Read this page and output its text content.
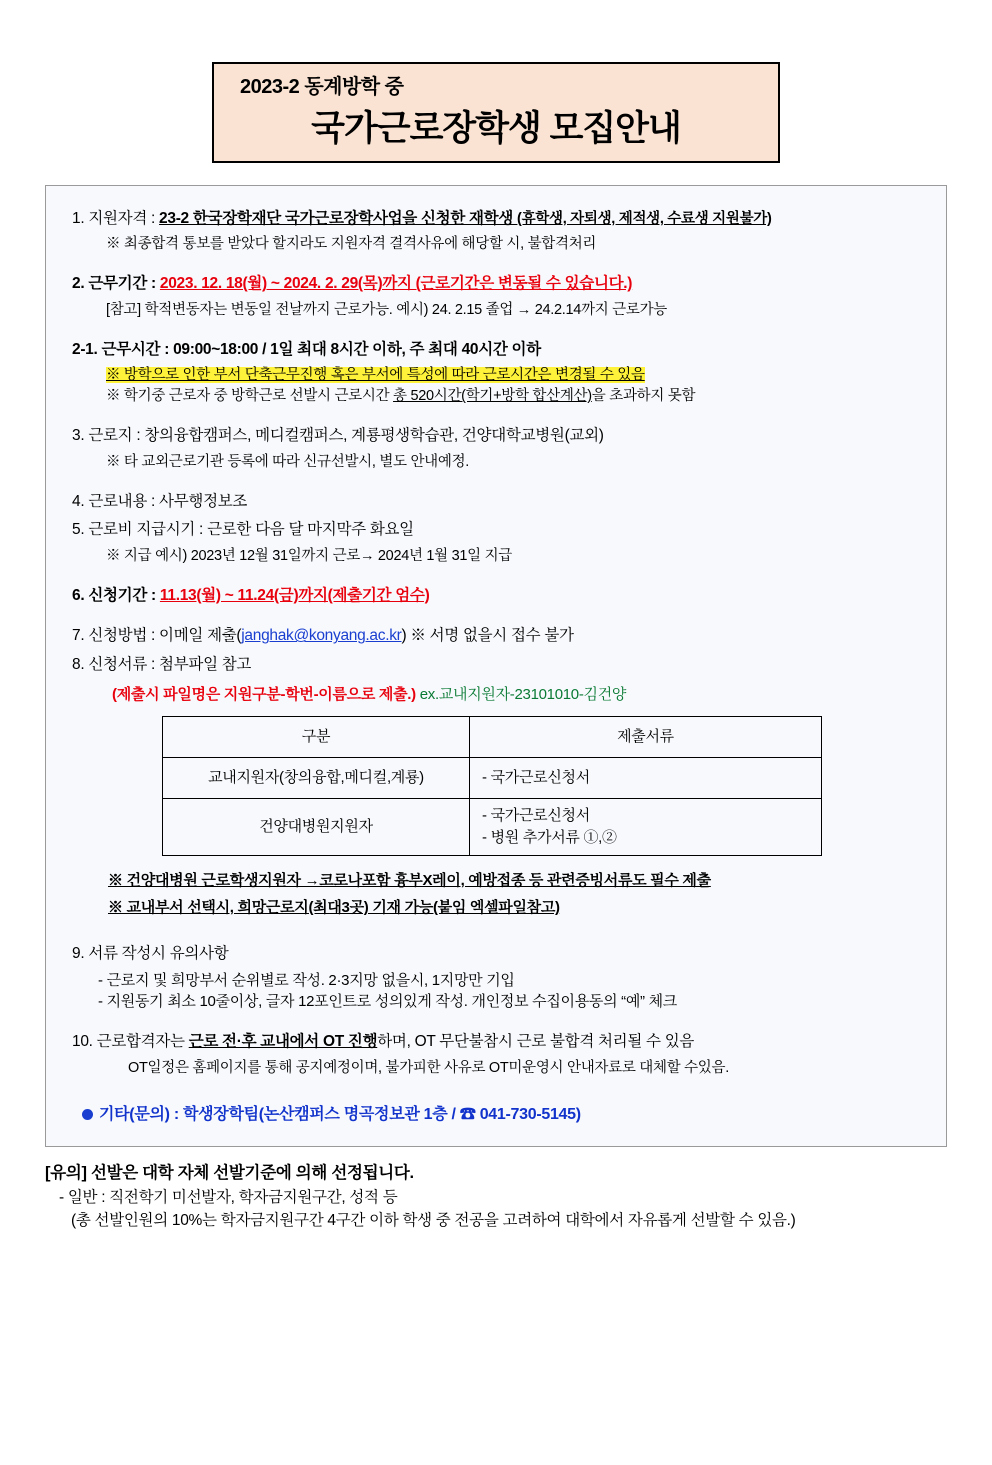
2023-2 동계방학 중
국가근로장학생 모집안내
1. 지원자격 : 23-2 한국장학재단 국가근로장학사업을 신청한 재학생 (휴학생, 자퇴생, 제적생, 수료생 지원불가)
※ 최종합격 통보를 받았다 할지라도 지원자격 결격사유에 해당할 시, 불합격처리
2. 근무기간 : 2023. 12. 18(월) ~ 2024. 2. 29(목)까지 (근로기간은 변동될 수 있습니다.)
[참고] 학적변동자는 변동일 전날까지 근로가능. 예시) 24. 2.15 졸업 → 24.2.14까지 근로가능
2-1. 근무시간 : 09:00~18:00 / 1일 최대 8시간 이하, 주 최대 40시간 이하
※ 방학으로 인한 부서 단축근무진행 혹은 부서에 특성에 따라 근로시간은 변경될 수 있음
※ 학기중 근로자 중 방학근로 선발시 근로시간 총 520시간(학기+방학 합산계산)을 초과하지 못함
3. 근로지 : 창의융합캠퍼스, 메디컬캠퍼스, 계룡평생학습관, 건양대학교병원(교외)
※ 타 교외근로기관 등록에 따라 신규선발시, 별도 안내예정.
4. 근로내용 : 사무행정보조
5. 근로비 지급시기 : 근로한 다음 달 마지막주 화요일
※ 지급 예시) 2023년 12월 31일까지 근로→ 2024년 1월 31일 지급
6. 신청기간 : 11.13(월) ~ 11.24(금)까지(제출기간 엄수)
7. 신청방법 : 이메일 제출(janghak@konyang.ac.kr) ※ 서명 없을시 접수 불가
8. 신청서류 : 첨부파일 참고
(제출시 파일명은 지원구분-학번-이름으로 제출.) ex.교내지원자-23101010-김건양
구분	제출서류
교내지원자(창의융합,메디컬,계룡)	- 국가근로신청서
건양대병원지원자	- 국가근로신청서
- 병원 추가서류 ①,②
※ 건양대병원 근로학생지원자 →코로나포함 흉부X레이, 예방접종 등 관련증빙서류도 필수 제출
※ 교내부서 선택시, 희망근로지(최대3곳) 기재 가능(붙임 엑셀파일참고)
9. 서류 작성시 유의사항
- 근로지 및 희망부서 순위별로 작성. 2·3지망 없을시, 1지망만 기입
- 지원동기 최소 10줄이상, 글자 12포인트로 성의있게 작성. 개인정보 수집이용동의 “예” 체크
10. 근로합격자는 근로 전·후 교내에서 OT 진행하며, OT 무단불참시 근로 불합격 처리될 수 있음
OT일정은 홈페이지를 통해 공지예정이며, 불가피한 사유로 OT미운영시 안내자료로 대체할 수있음.
기타(문의) : 학생장학팀(논산캠퍼스 명곡정보관 1층 / ☎ 041-730-5145)
[유의] 선발은 대학 자체 선발기준에 의해 선정됩니다.
- 일반 : 직전학기 미선발자, 학자금지원구간, 성적 등
(총 선발인원의 10%는 학자금지원구간 4구간 이하 학생 중 전공을 고려하여 대학에서 자유롭게 선발할 수 있음.)
